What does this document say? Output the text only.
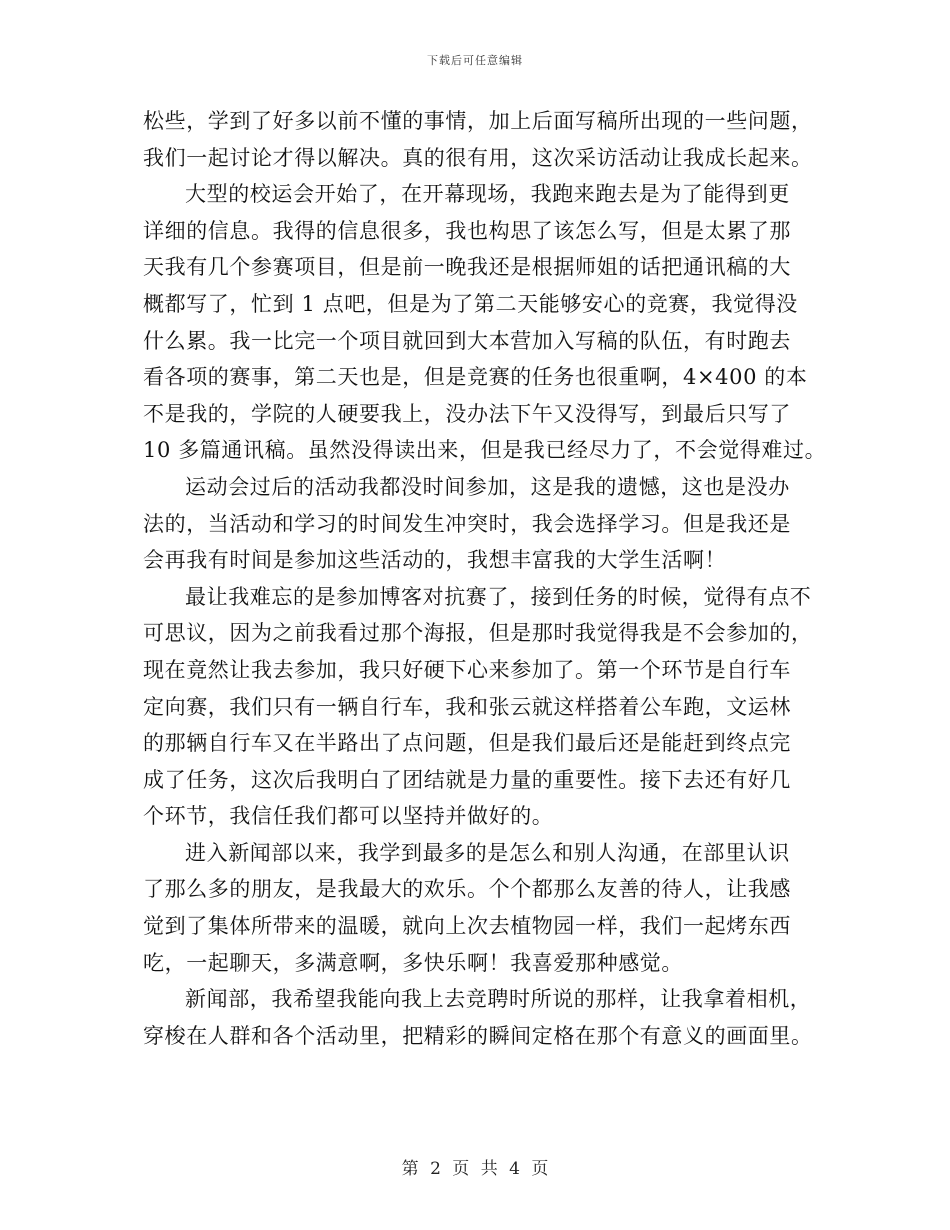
下载后可任意编辑
松些，学到了好多以前不懂的事情，加上后面写稿所出现的一些问题，
我们一起讨论才得以解决。真的很有用，这次采访活动让我成长起来。
大型的校运会开始了，在开幕现场，我跑来跑去是为了能得到更
详细的信息。我得的信息很多，我也构思了该怎么写，但是太累了那
天我有几个参赛项目，但是前一晚我还是根据师姐的话把通讯稿的大
概都写了，忙到 1 点吧，但是为了第二天能够安心的竞赛，我觉得没
什么累。我一比完一个项目就回到大本营加入写稿的队伍，有时跑去
看各项的赛事，第二天也是，但是竞赛的任务也很重啊，4×400 的本
不是我的，学院的人硬要我上，没办法下午又没得写，到最后只写了
10 多篇通讯稿。虽然没得读出来，但是我已经尽力了，不会觉得难过。
运动会过后的活动我都没时间参加，这是我的遗憾，这也是没办
法的，当活动和学习的时间发生冲突时，我会选择学习。但是我还是
会再我有时间是参加这些活动的，我想丰富我的大学生活啊！
最让我难忘的是参加博客对抗赛了，接到任务的时候，觉得有点不
可思议，因为之前我看过那个海报，但是那时我觉得我是不会参加的，
现在竟然让我去参加，我只好硬下心来参加了。第一个环节是自行车
定向赛，我们只有一辆自行车，我和张云就这样搭着公车跑，文运林
的那辆自行车又在半路出了点问题，但是我们最后还是能赶到终点完
成了任务，这次后我明白了团结就是力量的重要性。接下去还有好几
个环节，我信任我们都可以坚持并做好的。
进入新闻部以来，我学到最多的是怎么和别人沟通，在部里认识
了那么多的朋友，是我最大的欢乐。个个都那么友善的待人，让我感
觉到了集体所带来的温暖，就向上次去植物园一样，我们一起烤东西
吃，一起聊天，多满意啊，多快乐啊！我喜爱那种感觉。
新闻部，我希望我能向我上去竞聘时所说的那样，让我拿着相机，
穿梭在人群和各个活动里，把精彩的瞬间定格在那个有意义的画面里。
第 2 页 共 4 页
